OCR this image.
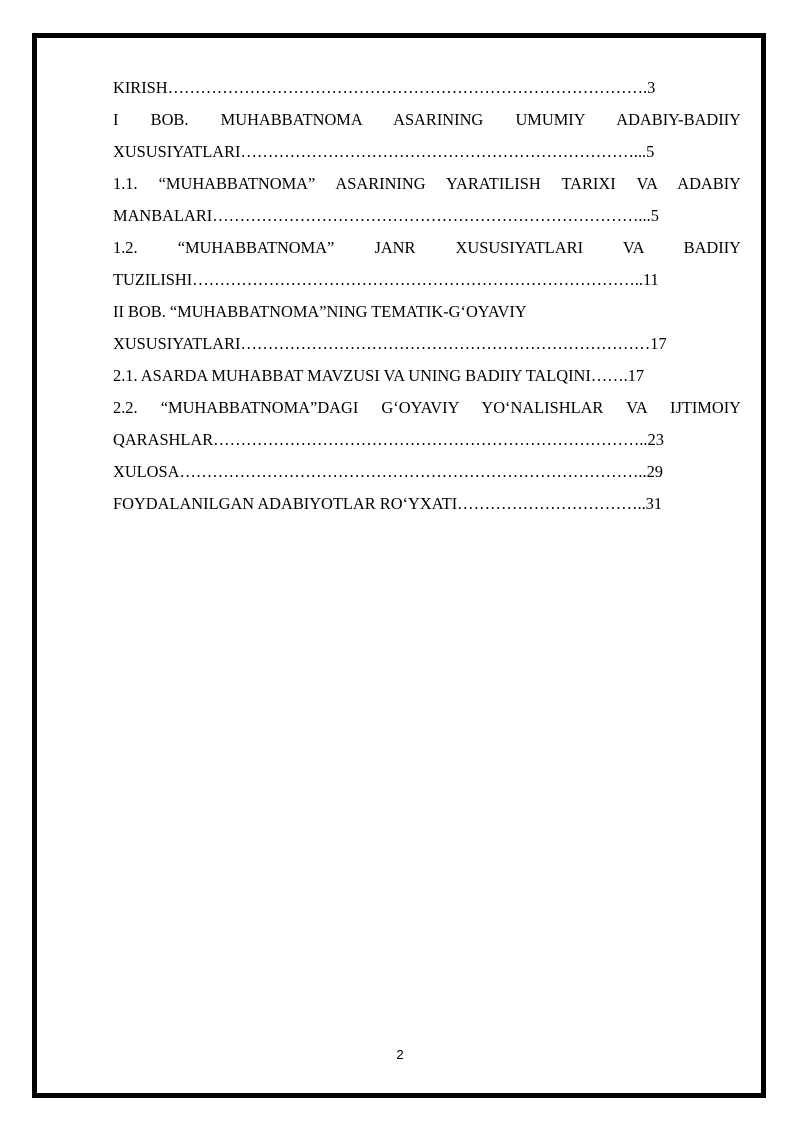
KIRISH…………………………………………………………………………….3
I BOB. MUHABBATNOMA ASARINING UMUMIY ADABIY-BADIIY
XUSUSIYATLARI………………………………………………………………...5
1.1. “MUHABBATNOMA” ASARINING YARATILISH TARIXI VA ADABIY
MANBALARI……………………………………………………………………...5
1.2. “MUHABBATNOMA” JANR XUSUSIYATLARI VA BADIIY
TUZILISHI………………………………………………………………………..11
II BOB. “MUHABBATNOMA”NING TEMATIK-G‘OYAVIY
XUSUSIYATLARI…………………………………………………………………17
2.1. ASARDA MUHABBAT MAVZUSI VA UNING BADIIY TALQINI…….17
2.2. “MUHABBATNOMA”DAGI G‘OYAVIY YO‘NALISHLAR VA IJTIMOIY
QARASHLAR……………………………………………………………………..23
XULOSA…………………………………………………………………………..29
FOYDALANILGAN ADABIYOTLAR RO‘YXATI……………………………..31
2
